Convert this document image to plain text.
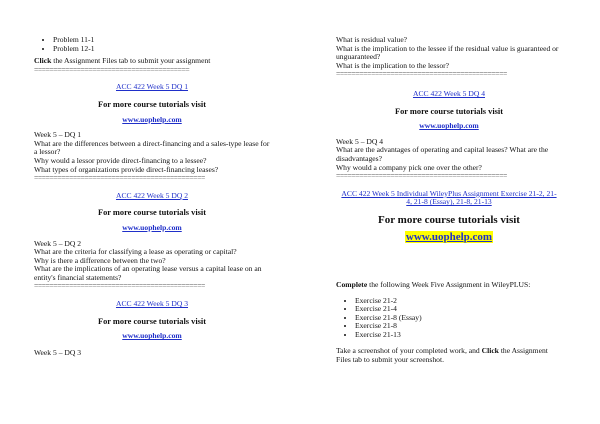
• Problem 11-1
• Problem 12-1

Click the Assignment Files tab to submit your assignment

========================================
ACC 422 Week 5 DQ 1
For more course tutorials visit
www.uophelp.com

Week 5 – DQ 1

What are the differences between a direct-financing and a sales-type lease for a lessor?

Why would a lessor provide direct-financing to a lessee?

What types of organizations provide direct-financing leases?

============================================
ACC 422 Week 5 DQ 2
For more course tutorials visit
www.uophelp.com

Week 5 – DQ 2

What are the criteria for classifying a lease as operating or capital?

Why is there a difference between the two?

What are the implications of an operating lease versus a capital lease on an entity's financial statements?

============================================
ACC 422 Week 5 DQ 3
For more course tutorials visit
www.uophelp.com

Week 5 – DQ 3

What is residual value?

What is the implication to the lessee if the residual value is guaranteed or unguaranteed?

What is the implication to the lessor?

============================================
ACC 422 Week 5 DQ 4
For more course tutorials visit
www.uophelp.com

Week 5 – DQ 4

What are the advantages of operating and capital leases? What are the disadvantages?

Why would a company pick one over the other?

============================================
ACC 422 Week 5 Individual WileyPlus Assignment Exercise 21-2, 21-4, 21-8 (Essay), 21-8, 21-13
For more course tutorials visit
www.uophelp.com

Complete the following Week Five Assignment in WileyPLUS:

• Exercise 21-2
• Exercise 21-4
• Exercise 21-8 (Essay)
• Exercise 21-8
• Exercise 21-13

Take a screenshot of your completed work, and Click the Assignment Files tab to submit your screenshot.
